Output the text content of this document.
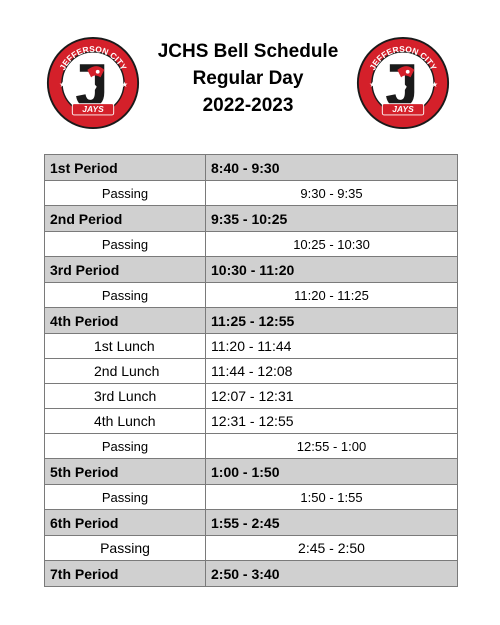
JEFFERSON CITY
★	★
JAYS
JCHS Bell Schedule
Regular Day
2022-2023
JEFFERSON CITY
★	★
JAYS
1st Period	8:40 - 9:30
Passing	9:30 - 9:35
2nd Period	9:35 - 10:25
Passing	10:25 - 10:30
3rd Period	10:30 - 11:20
Passing	11:20 - 11:25
4th Period	11:25 - 12:55
1st Lunch	11:20 - 11:44
2nd Lunch	11:44 - 12:08
3rd Lunch	12:07 - 12:31
4th Lunch	12:31 - 12:55
Passing	12:55 - 1:00
5th Period	1:00 - 1:50
Passing	1:50 - 1:55
6th Period	1:55 - 2:45
Passing	2:45 - 2:50
7th Period	2:50 - 3:40
